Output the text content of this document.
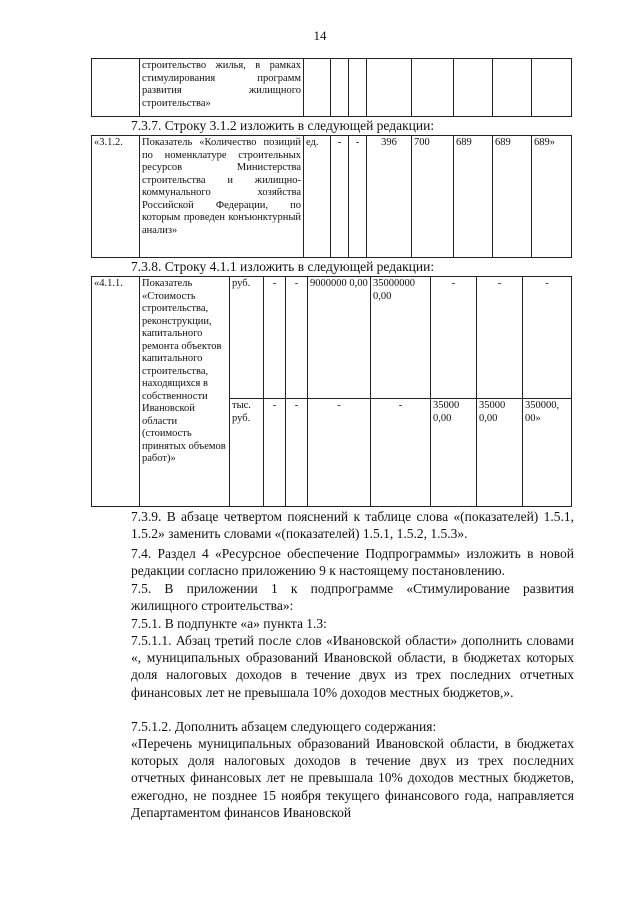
14
	строительство жилья, в рамках стимулирования программ развития жилищного строительства»								
7.3.7. Строку 3.1.2 изложить в следующей редакции:
«3.1.2.	Показатель «Количество позиций по номенклатуре строительных ресурсов Министерства строительства и жилищно-коммунального хозяйства Российской Федерации, по которым проведен конъюнктурный анализ»	ед.	-	-	396	700	689	689	689»
7.3.8. Строку 4.1.1 изложить в следующей редакции:
«4.1.1.	Показатель «Стоимость строительства, реконструкции, капитального ремонта объектов капитального строительства, находящихся в собственности Ивановской области (стоимость принятых объемов работ)»	руб.	-	-	9000000 0,00	35000000 0,00	-	-	-
		тыс. руб.	-	-	-	-	35000 0,00	35000 0,00	350000, 00»
7.3.9. В абзаце четвертом пояснений к таблице слова «(показателей) 1.5.1, 1.5.2» заменить словами «(показателей) 1.5.1, 1.5.2, 1.5.3».
7.4. Раздел 4 «Ресурсное обеспечение Подпрограммы» изложить в новой редакции согласно приложению 9 к настоящему постановлению.
7.5. В приложении 1 к подпрограмме «Стимулирование развития жилищного строительства»:
7.5.1. В подпункте «а» пункта 1.3:
7.5.1.1. Абзац третий после слов «Ивановской области» дополнить словами «, муниципальных образований Ивановской области, в бюджетах которых доля налоговых доходов в течение двух из трех последних отчетных финансовых лет не превышала 10% доходов местных бюджетов,».
7.5.1.2. Дополнить абзацем следующего содержания:
«Перечень муниципальных образований Ивановской области, в бюджетах которых доля налоговых доходов в течение двух из трех последних отчетных финансовых лет не превышала 10% доходов местных бюджетов, ежегодно, не позднее 15 ноября текущего финансового года, направляется Департаментом финансов Ивановской
